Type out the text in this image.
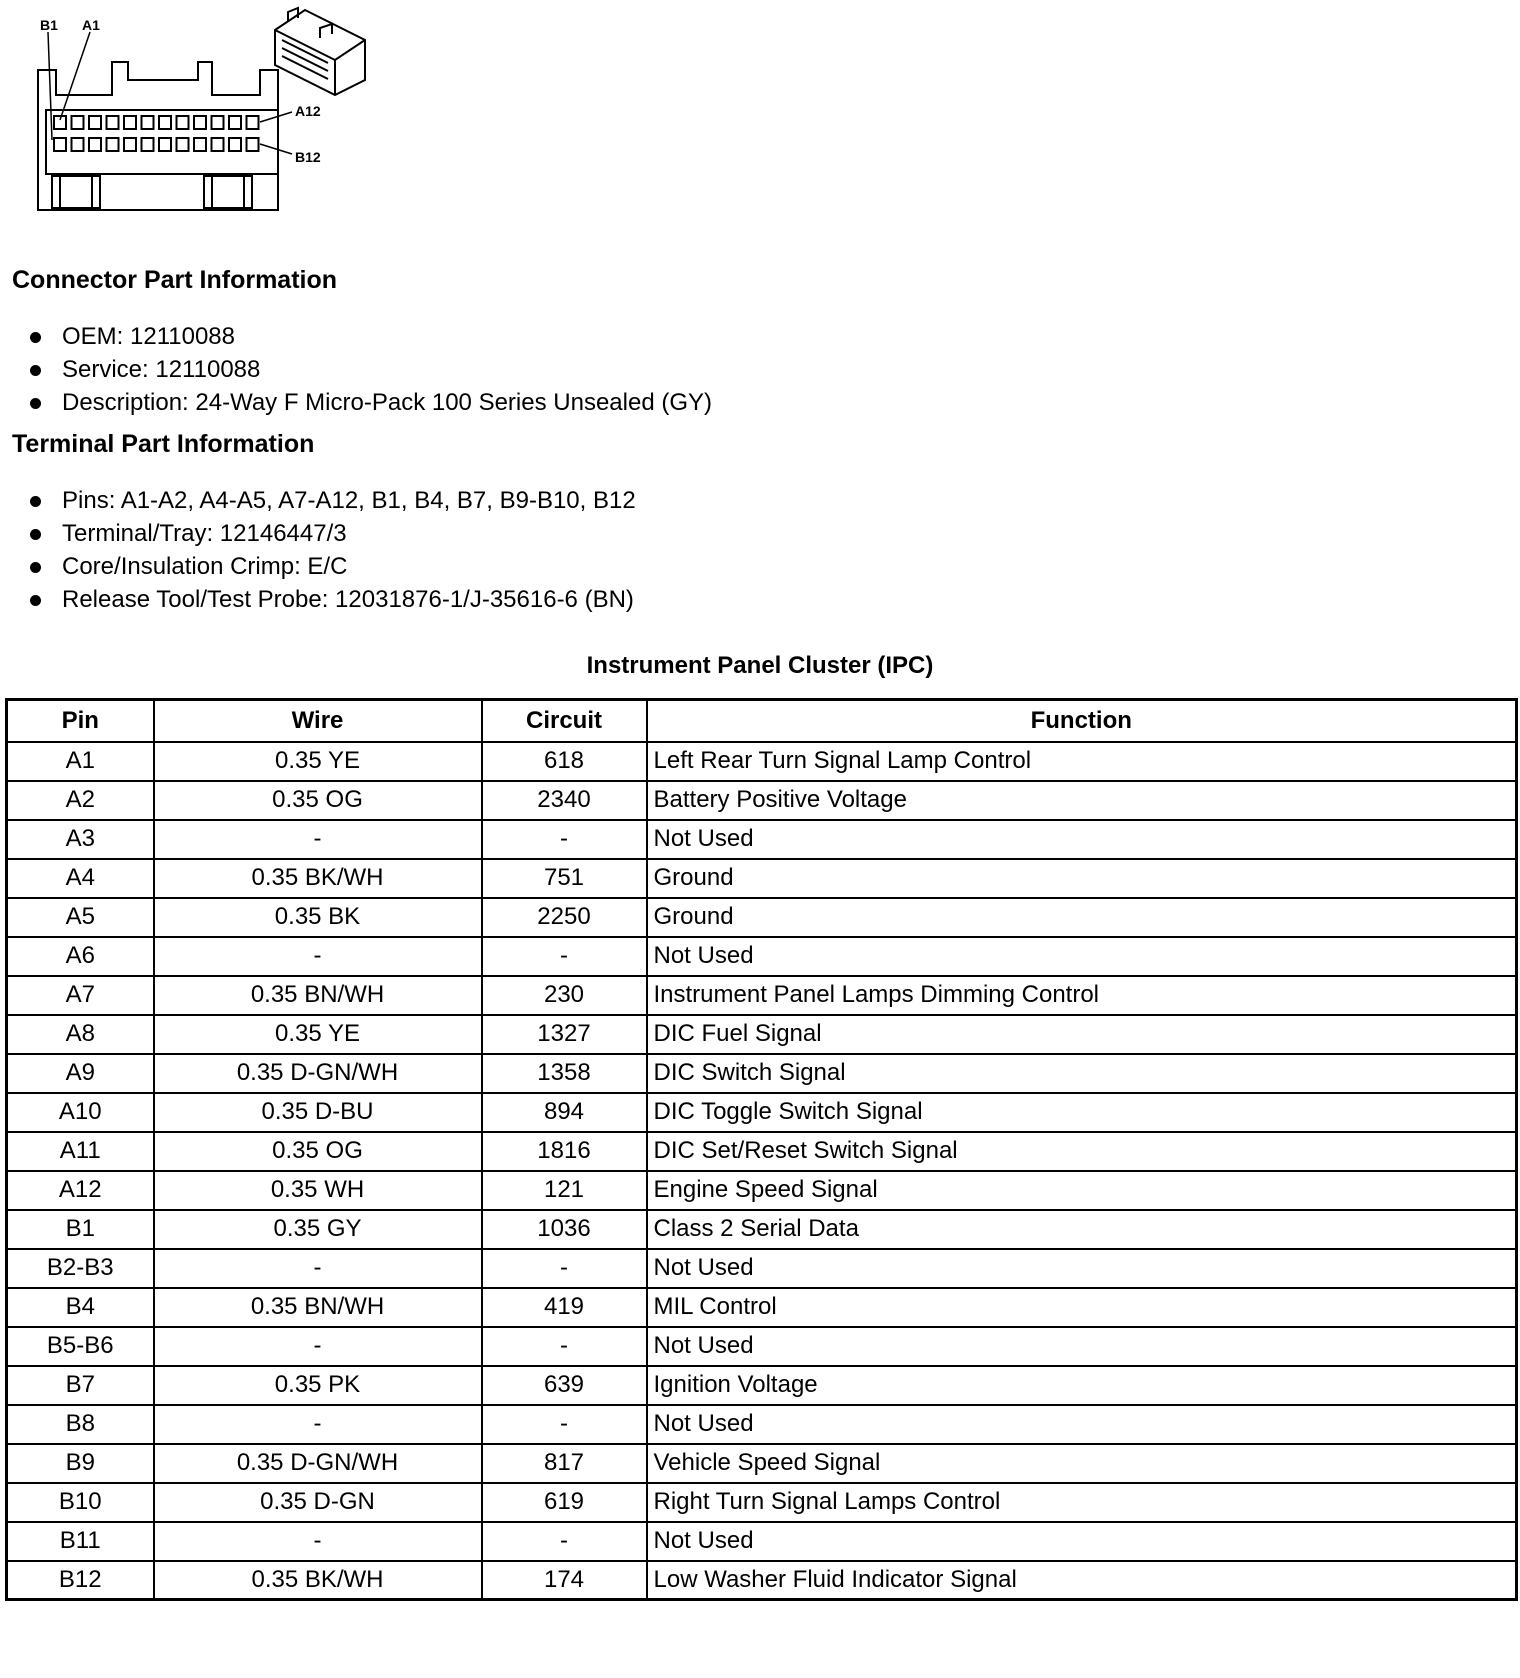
B1 A1
A12
B12
Connector Part Information
OEM: 12110088
Service: 12110088
Description: 24-Way F Micro-Pack 100 Series Unsealed (GY)
Terminal Part Information
Pins: A1-A2, A4-A5, A7-A12, B1, B4, B7, B9-B10, B12
Terminal/Tray: 12146447/3
Core/Insulation Crimp: E/C
Release Tool/Test Probe: 12031876-1/J-35616-6 (BN)
Instrument Panel Cluster (IPC)
Pin	Wire	Circuit	Function
A1	0.35 YE	618	Left Rear Turn Signal Lamp Control
A2	0.35 OG	2340	Battery Positive Voltage
A3	-	-	Not Used
A4	0.35 BK/WH	751	Ground
A5	0.35 BK	2250	Ground
A6	-	-	Not Used
A7	0.35 BN/WH	230	Instrument Panel Lamps Dimming Control
A8	0.35 YE	1327	DIC Fuel Signal
A9	0.35 D-GN/WH	1358	DIC Switch Signal
A10	0.35 D-BU	894	DIC Toggle Switch Signal
A11	0.35 OG	1816	DIC Set/Reset Switch Signal
A12	0.35 WH	121	Engine Speed Signal
B1	0.35 GY	1036	Class 2 Serial Data
B2-B3	-	-	Not Used
B4	0.35 BN/WH	419	MIL Control
B5-B6	-	-	Not Used
B7	0.35 PK	639	Ignition Voltage
B8	-	-	Not Used
B9	0.35 D-GN/WH	817	Vehicle Speed Signal
B10	0.35 D-GN	619	Right Turn Signal Lamps Control
B11	-	-	Not Used
B12	0.35 BK/WH	174	Low Washer Fluid Indicator Signal
